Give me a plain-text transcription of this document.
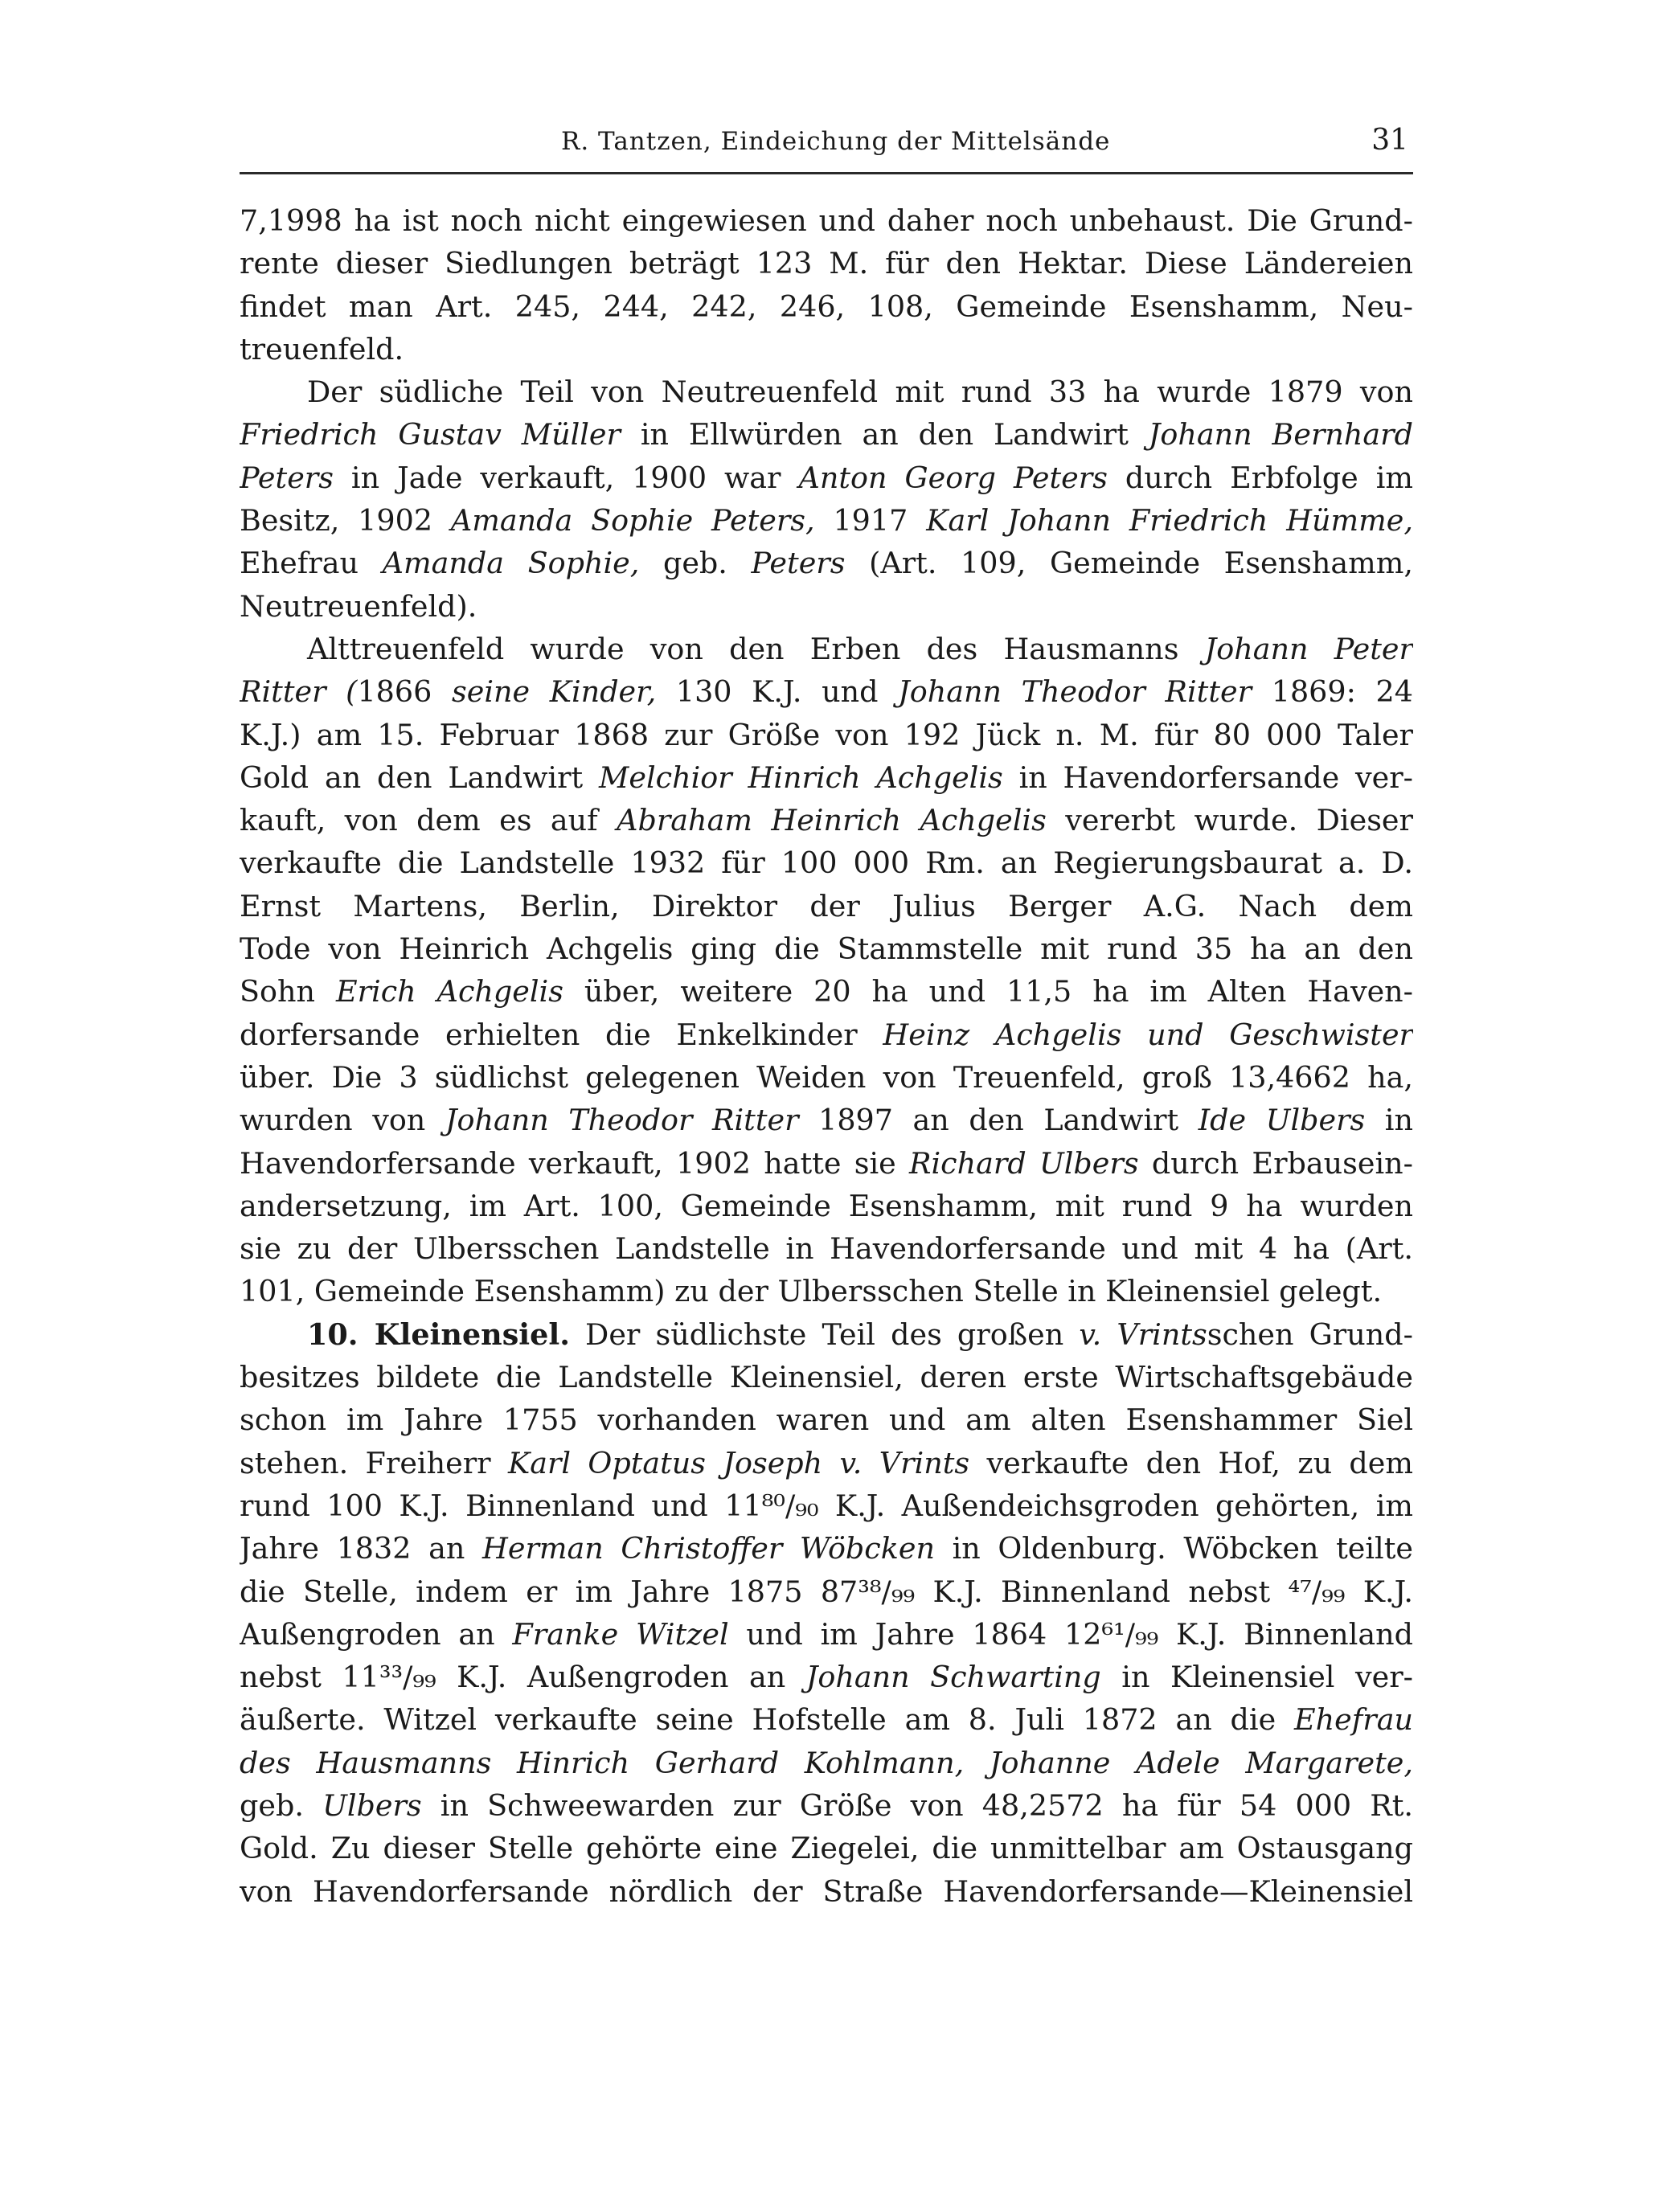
R. Tantzen, Eindeichung der Mittelsände	31
7,1998 ha ist noch nicht eingewiesen und daher noch unbehaust. Die Grund-
rente dieser Siedlungen beträgt 123 M. für den Hektar. Diese Ländereien
findet man Art. 245, 244, 242, 246, 108, Gemeinde Esenshamm, Neu-
treuenfeld.
Der südliche Teil von Neutreuenfeld mit rund 33 ha wurde 1879 von
Friedrich Gustav Müller in Ellwürden an den Landwirt Johann Bernhard
Peters in Jade verkauft, 1900 war Anton Georg Peters durch Erbfolge im
Besitz, 1902 Amanda Sophie Peters, 1917 Karl Johann Friedrich Hümme,
Ehefrau Amanda Sophie, geb. Peters (Art. 109, Gemeinde Esenshamm,
Neutreuenfeld).
Alttreuenfeld wurde von den Erben des Hausmanns Johann Peter
Ritter (1866 seine Kinder, 130 K.J. und Johann Theodor Ritter 1869: 24
K.J.) am 15. Februar 1868 zur Größe von 192 Jück n. M. für 80 000 Taler
Gold an den Landwirt Melchior Hinrich Achgelis in Havendorfersande ver-
kauft, von dem es auf Abraham Heinrich Achgelis vererbt wurde. Dieser
verkaufte die Landstelle 1932 für 100 000 Rm. an Regierungsbaurat a. D.
Ernst Martens, Berlin, Direktor der Julius Berger A.G. Nach dem
Tode von Heinrich Achgelis ging die Stammstelle mit rund 35 ha an den
Sohn Erich Achgelis über, weitere 20 ha und 11,5 ha im Alten Haven-
dorfersande erhielten die Enkelkinder Heinz Achgelis und Geschwister
über. Die 3 südlichst gelegenen Weiden von Treuenfeld, groß 13,4662 ha,
wurden von Johann Theodor Ritter 1897 an den Landwirt Ide Ulbers in
Havendorfersande verkauft, 1902 hatte sie Richard Ulbers durch Erbausein-
andersetzung, im Art. 100, Gemeinde Esenshamm, mit rund 9 ha wurden
sie zu der Ulbersschen Landstelle in Havendorfersande und mit 4 ha (Art.
101, Gemeinde Esenshamm) zu der Ulbersschen Stelle in Kleinensiel gelegt.
10. Kleinensiel. Der südlichste Teil des großen v. Vrintsschen Grund-
besitzes bildete die Landstelle Kleinensiel, deren erste Wirtschaftsgebäude
schon im Jahre 1755 vorhanden waren und am alten Esenshammer Siel
stehen. Freiherr Karl Optatus Joseph v. Vrints verkaufte den Hof, zu dem
rund 100 K.J. Binnenland und 11⁸⁰/₉₀ K.J. Außendeichsgroden gehörten, im
Jahre 1832 an Herman Christoffer Wöbcken in Oldenburg. Wöbcken teilte
die Stelle, indem er im Jahre 1875 87³⁸/₉₉ K.J. Binnenland nebst ⁴⁷/₉₉ K.J.
Außengroden an Franke Witzel und im Jahre 1864 12⁶¹/₉₉ K.J. Binnenland
nebst 11³³/₉₉ K.J. Außengroden an Johann Schwarting in Kleinensiel ver-
äußerte. Witzel verkaufte seine Hofstelle am 8. Juli 1872 an die Ehefrau
des Hausmanns Hinrich Gerhard Kohlmann, Johanne Adele Margarete,
geb. Ulbers in Schweewarden zur Größe von 48,2572 ha für 54 000 Rt.
Gold. Zu dieser Stelle gehörte eine Ziegelei, die unmittelbar am Ostausgang
von Havendorfersande nördlich der Straße Havendorfersande—Kleinensiel
